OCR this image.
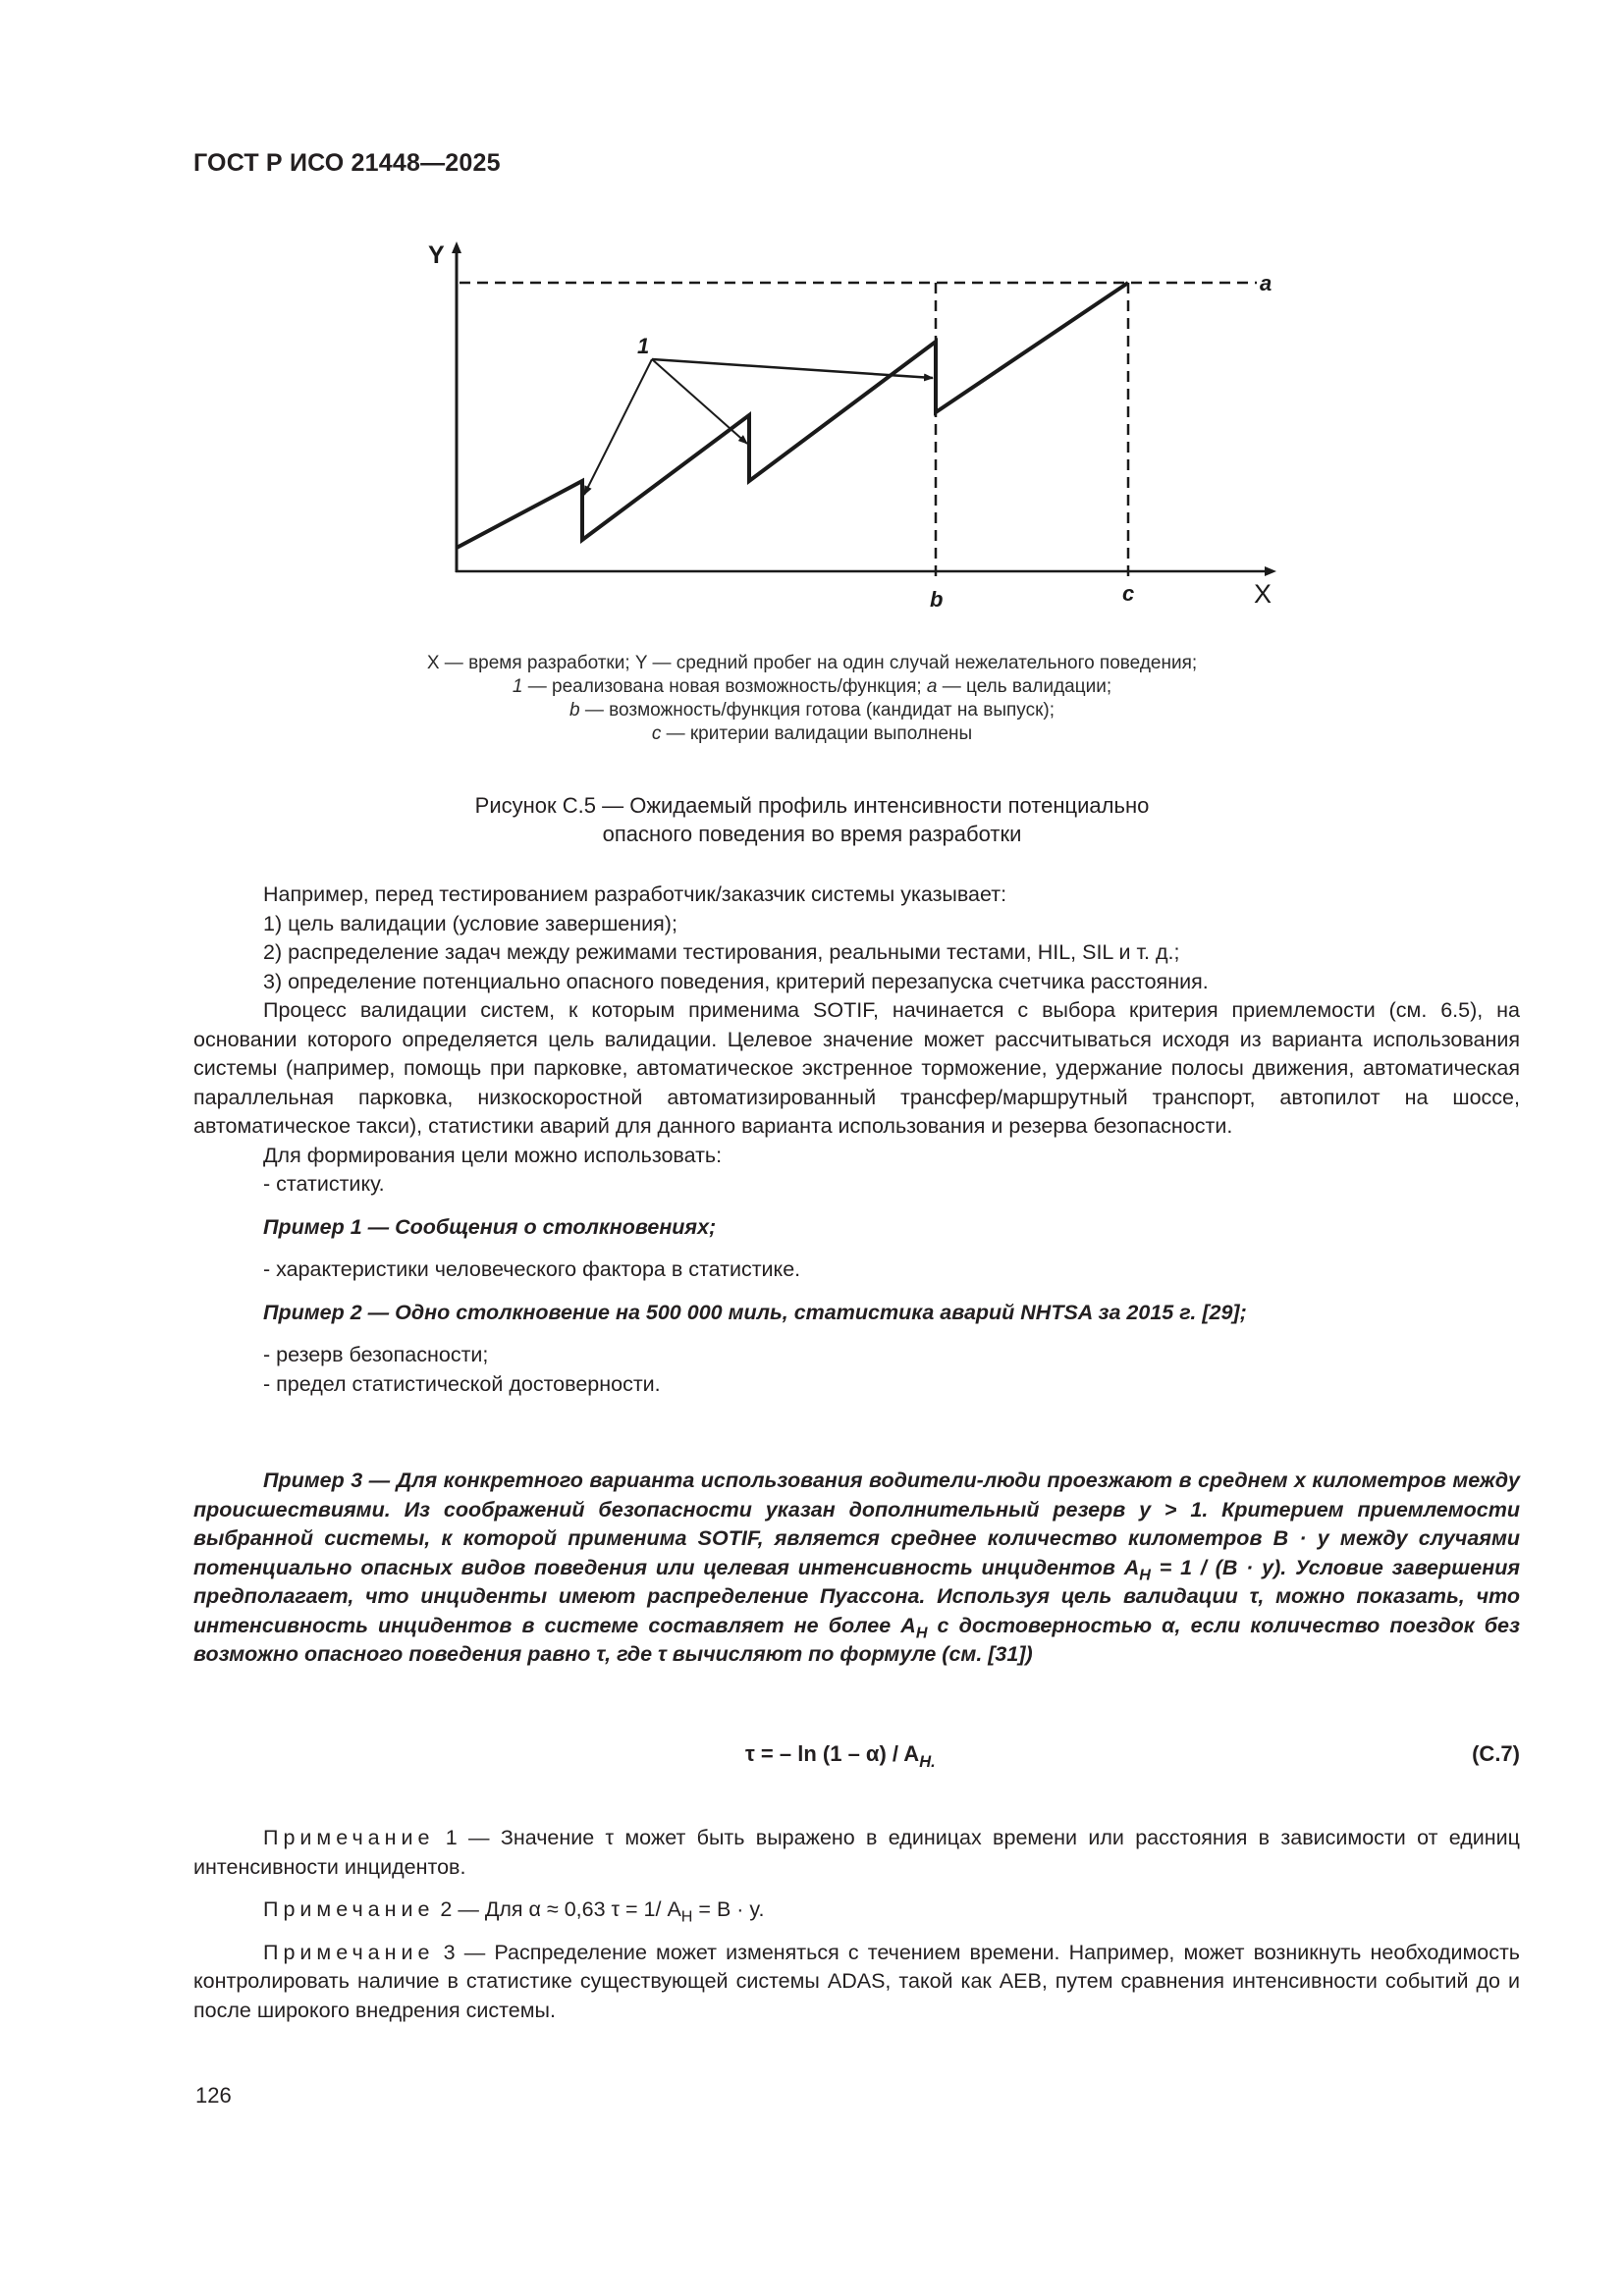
ГОСТ Р ИСО 21448—2025
Y
X
1
a
b	c
X — время разработки; Y — средний пробег на один случай нежелательного поведения;
1 — реализована новая возможность/функция; a — цель валидации;
b — возможность/функция готова (кандидат на выпуск);
c — критерии валидации выполнены
Рисунок С.5 — Ожидаемый профиль интенсивности потенциально
опасного поведения во время разработки

Например, перед тестированием разработчик/заказчик системы указывает:

1) цель валидации (условие завершения);

2) распределение задач между режимами тестирования, реальными тестами, HIL, SIL и т. д.;

3) определение потенциально опасного поведения, критерий перезапуска счетчика расстояния.

Процесс валидации систем, к которым применима SOTIF, начинается с выбора критерия приемлемости (см. 6.5), на основании которого определяется цель валидации. Целевое значение может рассчитываться исходя из варианта использования системы (например, помощь при парковке, автоматическое экстренное торможение, удержание полосы движения, автоматическая параллельная парковка, низкоскоростной автоматизированный трансфер/маршрутный транспорт, автопилот на шоссе, автоматическое такси), статистики аварий для данного варианта использования и резерва безопасности.

Для формирования цели можно использовать:

- статистику.

Пример 1 — Сообщения о столкновениях;

- характеристики человеческого фактора в статистике.

Пример 2 — Одно столкновение на 500 000 миль, статистика аварий NHTSA за 2015 г. [29];

- резерв безопасности;

- предел статистической достоверности.

Пример 3 — Для конкретного варианта использования водители-люди проезжают в среднем x километров между происшествиями. Из соображений безопасности указан дополнительный резерв y > 1. Критерием приемлемости выбранной системы, к которой применима SOTIF, является среднее количество километров B · y между случаями потенциально опасных видов поведения или целевая интенсивность инцидентов $A_H = 1 / (B \cdot y)$. Условие завершения предполагает, что инциденты имеют распределение Пуассона. Используя цель валидации τ, можно показать, что интенсивность инцидентов в системе составляет не более $A_H$ с достоверностью α, если количество поездок без возможно опасного поведения равно τ, где τ вычисляют по формуле (см. [31])

τ = – $\ln (1 - \alpha) / A_{H.}$	(С.7)

Примечание 1 — Значение τ может быть выражено в единицах времени или расстояния в зависимости от единиц интенсивности инцидентов.

Примечание 2 — Для α ≈ 0,63 τ = 1/ $A_H = B \cdot y$.

Примечание 3 — Распределение может изменяться с течением времени. Например, может возникнуть необходимость контролировать наличие в статистике существующей системы ADAS, такой как AEB, путем сравнения интенсивности событий до и после широкого внедрения системы.

126
